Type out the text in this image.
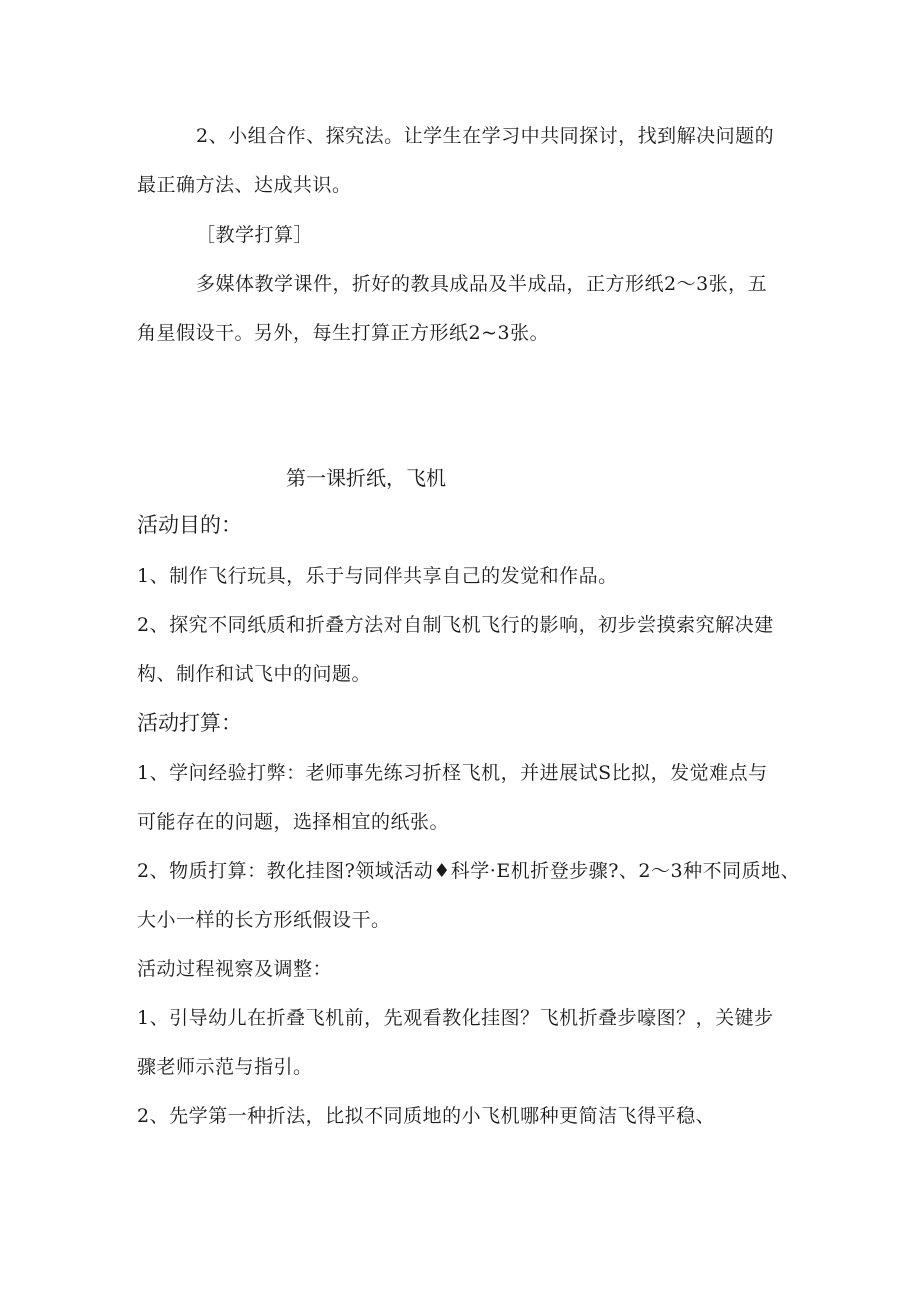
2、小组合作、探究法。让学生在学习中共同探讨，找到解决问题的

最正确方法、达成共识。

［教学打算］

多媒体教学课件，折好的教具成品及半成品，正方形纸2～3张，五

角星假设干。另外，每生打算正方形纸2~3张。

第一课折纸，飞机

活动目的：

1、制作飞行玩具，乐于与同伴共享自己的发觉和作品。

2、探究不同纸质和折叠方法对自制飞机飞行的影响，初步尝摸索究解决建

构、制作和试飞中的问题。

活动打算：

1、学问经验打弊：老师事先练习折柽飞机，并进展试S比拟，发觉难点与

可能存在的问题，选择相宜的纸张。

2、物质打算：教化挂图?领域活动♦科学·E机折登步骤?、2～3种不同质地、

大小一样的长方形纸假设干。

活动过程视察及调整：

1、引导幼儿在折叠飞机前，先观看教化挂图？飞机折叠步嚎图？，关键步

骤老师示范与指引。

2、先学第一种折法，比拟不同质地的小飞机哪种更简洁飞得平稳、
